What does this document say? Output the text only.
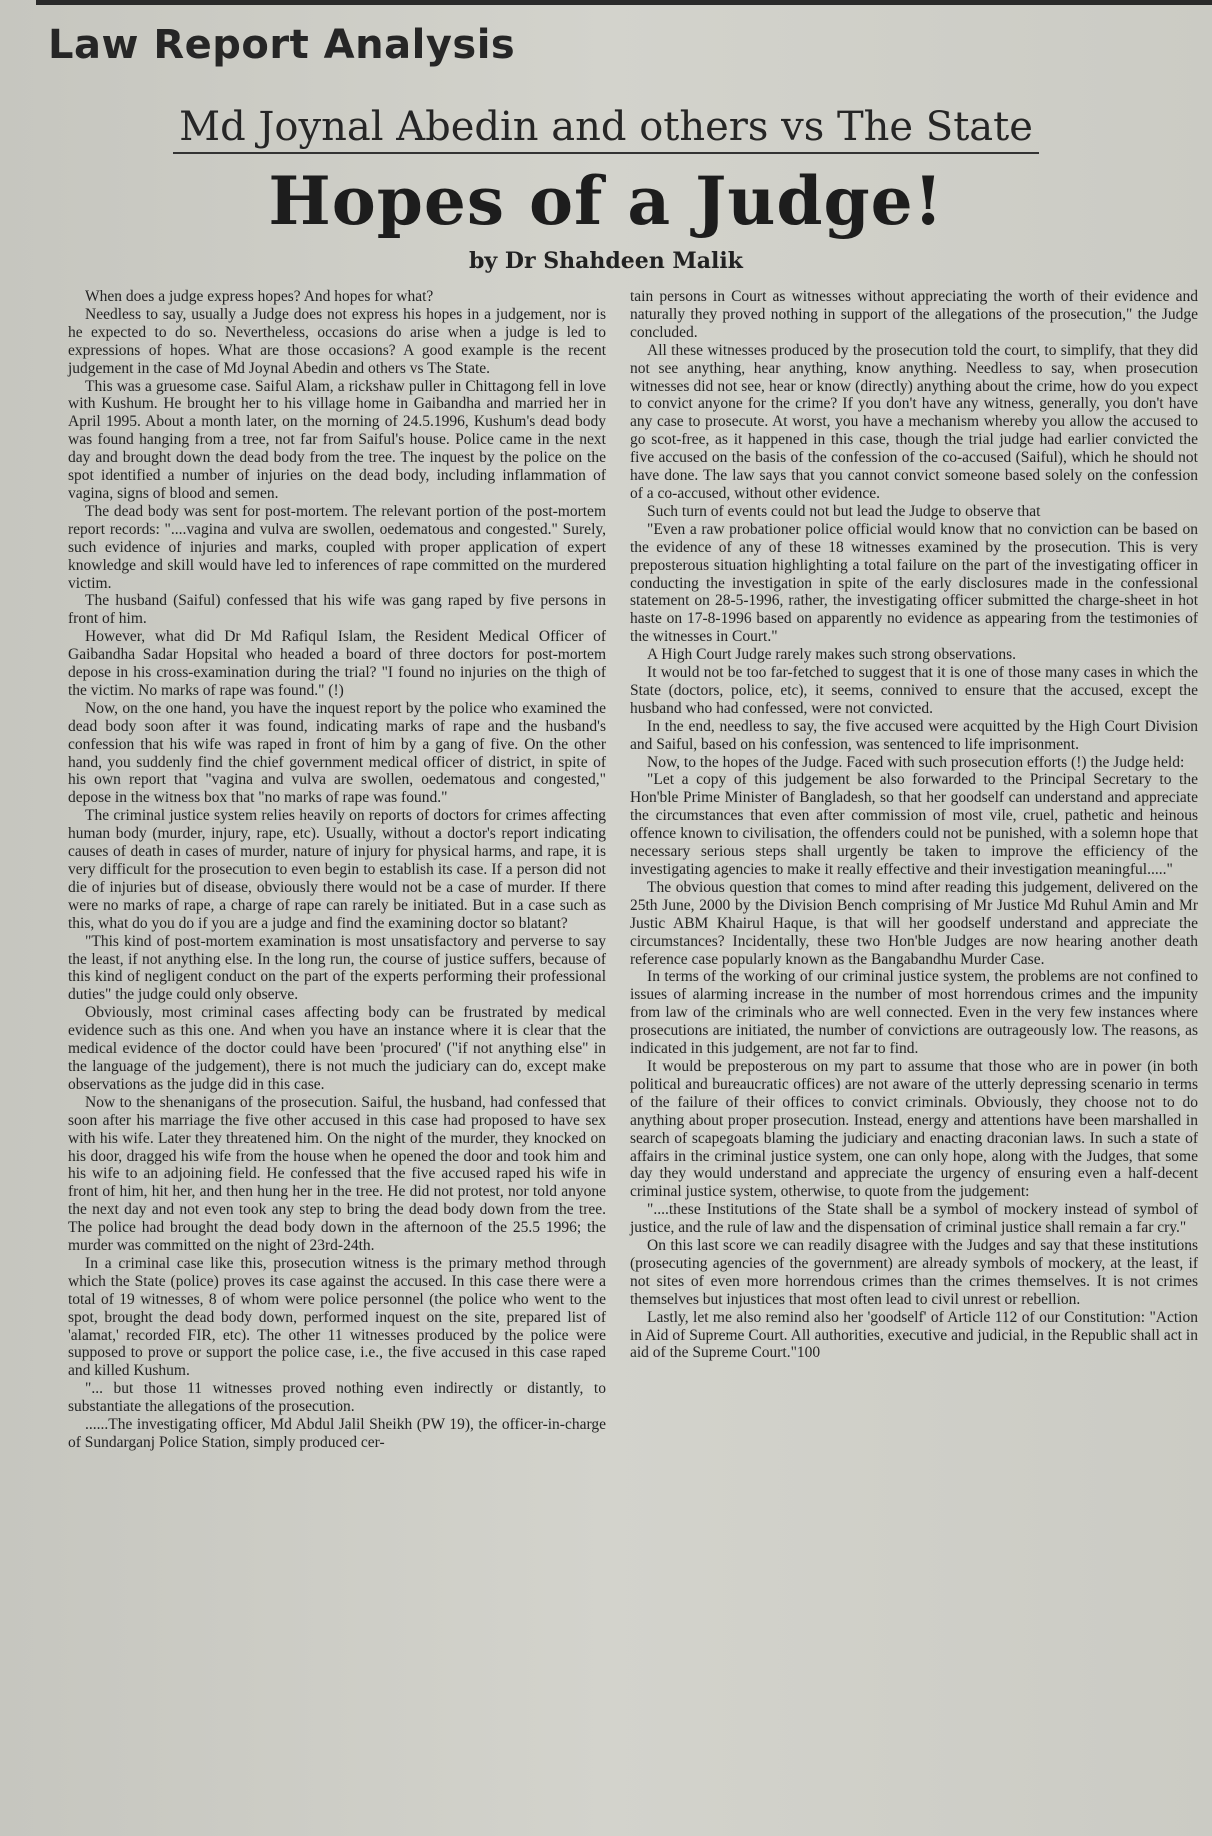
Law Report Analysis
Md Joynal Abedin and others vs The State
Hopes of a Judge!
by Dr Shahdeen Malik

When does a judge express hopes? And hopes for what?

Needless to say, usually a Judge does not express his hopes in a judgement, nor is he expected to do so. Nevertheless, occasions do arise when a judge is led to expressions of hopes. What are those occasions? A good example is the recent judgement in the case of Md Joynal Abedin and others vs The State.

This was a gruesome case. Saiful Alam, a rickshaw puller in Chittagong fell in love with Kushum. He brought her to his village home in Gaibandha and married her in April 1995. About a month later, on the morning of 24.5.1996, Kushum's dead body was found hanging from a tree, not far from Saiful's house. Police came in the next day and brought down the dead body from the tree. The inquest by the police on the spot identified a number of injuries on the dead body, including inflammation of vagina, signs of blood and semen.

The dead body was sent for post-mortem. The relevant portion of the post-mortem report records: "....vagina and vulva are swollen, oedematous and congested." Surely, such evidence of injuries and marks, coupled with proper application of expert knowledge and skill would have led to inferences of rape committed on the murdered victim.

The husband (Saiful) confessed that his wife was gang raped by five persons in front of him.

However, what did Dr Md Rafiqul Islam, the Resident Medical Officer of Gaibandha Sadar Hopsital who headed a board of three doctors for post-mortem depose in his cross-examination during the trial? "I found no injuries on the thigh of the victim. No marks of rape was found." (!)

Now, on the one hand, you have the inquest report by the police who examined the dead body soon after it was found, indicating marks of rape and the husband's confession that his wife was raped in front of him by a gang of five. On the other hand, you suddenly find the chief government medical officer of district, in spite of his own report that "vagina and vulva are swollen, oedematous and congested," depose in the witness box that "no marks of rape was found."

The criminal justice system relies heavily on reports of doctors for crimes affecting human body (murder, injury, rape, etc). Usually, without a doctor's report indicating causes of death in cases of murder, nature of injury for physical harms, and rape, it is very difficult for the prosecution to even begin to establish its case. If a person did not die of injuries but of disease, obviously there would not be a case of murder. If there were no marks of rape, a charge of rape can rarely be initiated. But in a case such as this, what do you do if you are a judge and find the examining doctor so blatant?

"This kind of post-mortem examination is most unsatisfactory and perverse to say the least, if not anything else. In the long run, the course of justice suffers, because of this kind of negligent conduct on the part of the experts performing their professional duties" the judge could only observe.

Obviously, most criminal cases affecting body can be frustrated by medical evidence such as this one. And when you have an instance where it is clear that the medical evidence of the doctor could have been 'procured' ("if not anything else" in the language of the judgement), there is not much the judiciary can do, except make observations as the judge did in this case.

Now to the shenanigans of the prosecution. Saiful, the husband, had confessed that soon after his marriage the five other accused in this case had proposed to have sex with his wife. Later they threatened him. On the night of the murder, they knocked on his door, dragged his wife from the house when he opened the door and took him and his wife to an adjoining field. He confessed that the five accused raped his wife in front of him, hit her, and then hung her in the tree. He did not protest, nor told anyone the next day and not even took any step to bring the dead body down from the tree. The police had brought the dead body down in the afternoon of the 25.5 1996; the murder was committed on the night of 23rd-24th.

In a criminal case like this, prosecution witness is the primary method through which the State (police) proves its case against the accused. In this case there were a total of 19 witnesses, 8 of whom were police personnel (the police who went to the spot, brought the dead body down, performed inquest on the site, prepared list of 'alamat,' recorded FIR, etc). The other 11 witnesses produced by the police were supposed to prove or support the police case, i.e., the five accused in this case raped and killed Kushum.

"... but those 11 witnesses proved nothing even indirectly or distantly, to substantiate the allegations of the prosecution.

......The investigating officer, Md Abdul Jalil Sheikh (PW 19), the officer-in-charge of Sundarganj Police Station, simply produced cer-

tain persons in Court as witnesses without appreciating the worth of their evidence and naturally they proved nothing in support of the allegations of the prosecution," the Judge concluded.

All these witnesses produced by the prosecution told the court, to simplify, that they did not see anything, hear anything, know anything. Needless to say, when prosecution witnesses did not see, hear or know (directly) anything about the crime, how do you expect to convict anyone for the crime? If you don't have any witness, generally, you don't have any case to prosecute. At worst, you have a mechanism whereby you allow the accused to go scot-free, as it happened in this case, though the trial judge had earlier convicted the five accused on the basis of the confession of the co-accused (Saiful), which he should not have done. The law says that you cannot convict someone based solely on the confession of a co-accused, without other evidence.

Such turn of events could not but lead the Judge to observe that

"Even a raw probationer police official would know that no conviction can be based on the evidence of any of these 18 witnesses examined by the prosecution. This is very preposterous situation highlighting a total failure on the part of the investigating officer in conducting the investigation in spite of the early disclosures made in the confessional statement on 28-5-1996, rather, the investigating officer submitted the charge-sheet in hot haste on 17-8-1996 based on apparently no evidence as appearing from the testimonies of the witnesses in Court."

A High Court Judge rarely makes such strong observations.

It would not be too far-fetched to suggest that it is one of those many cases in which the State (doctors, police, etc), it seems, connived to ensure that the accused, except the husband who had confessed, were not convicted.

In the end, needless to say, the five accused were acquitted by the High Court Division and Saiful, based on his confession, was sentenced to life imprisonment.

Now, to the hopes of the Judge. Faced with such prosecution efforts (!) the Judge held:

"Let a copy of this judgement be also forwarded to the Principal Secretary to the Hon'ble Prime Minister of Bangladesh, so that her goodself can understand and appreciate the circumstances that even after commission of most vile, cruel, pathetic and heinous offence known to civilisation, the offenders could not be punished, with a solemn hope that necessary serious steps shall urgently be taken to improve the efficiency of the investigating agencies to make it really effective and their investigation meaningful....."

The obvious question that comes to mind after reading this judgement, delivered on the 25th June, 2000 by the Division Bench comprising of Mr Justice Md Ruhul Amin and Mr Justic ABM Khairul Haque, is that will her goodself understand and appreciate the circumstances? Incidentally, these two Hon'ble Judges are now hearing another death reference case popularly known as the Bangabandhu Murder Case.

In terms of the working of our criminal justice system, the problems are not confined to issues of alarming increase in the number of most horrendous crimes and the impunity from law of the criminals who are well connected. Even in the very few instances where prosecutions are initiated, the number of convictions are outrageously low. The reasons, as indicated in this judgement, are not far to find.

It would be preposterous on my part to assume that those who are in power (in both political and bureaucratic offices) are not aware of the utterly depressing scenario in terms of the failure of their offices to convict criminals. Obviously, they choose not to do anything about proper prosecution. Instead, energy and attentions have been marshalled in search of scapegoats blaming the judiciary and enacting draconian laws. In such a state of affairs in the criminal justice system, one can only hope, along with the Judges, that some day they would understand and appreciate the urgency of ensuring even a half-decent criminal justice system, otherwise, to quote from the judgement:

"....these Institutions of the State shall be a symbol of mockery instead of symbol of justice, and the rule of law and the dispensation of criminal justice shall remain a far cry."

On this last score we can readily disagree with the Judges and say that these institutions (prosecuting agencies of the government) are already symbols of mockery, at the least, if not sites of even more horrendous crimes than the crimes themselves. It is not crimes themselves but injustices that most often lead to civil unrest or rebellion.

Lastly, let me also remind also her 'goodself' of Article 112 of our Constitution: "Action in Aid of Supreme Court. All authorities, executive and judicial, in the Republic shall act in aid of the Supreme Court."100
